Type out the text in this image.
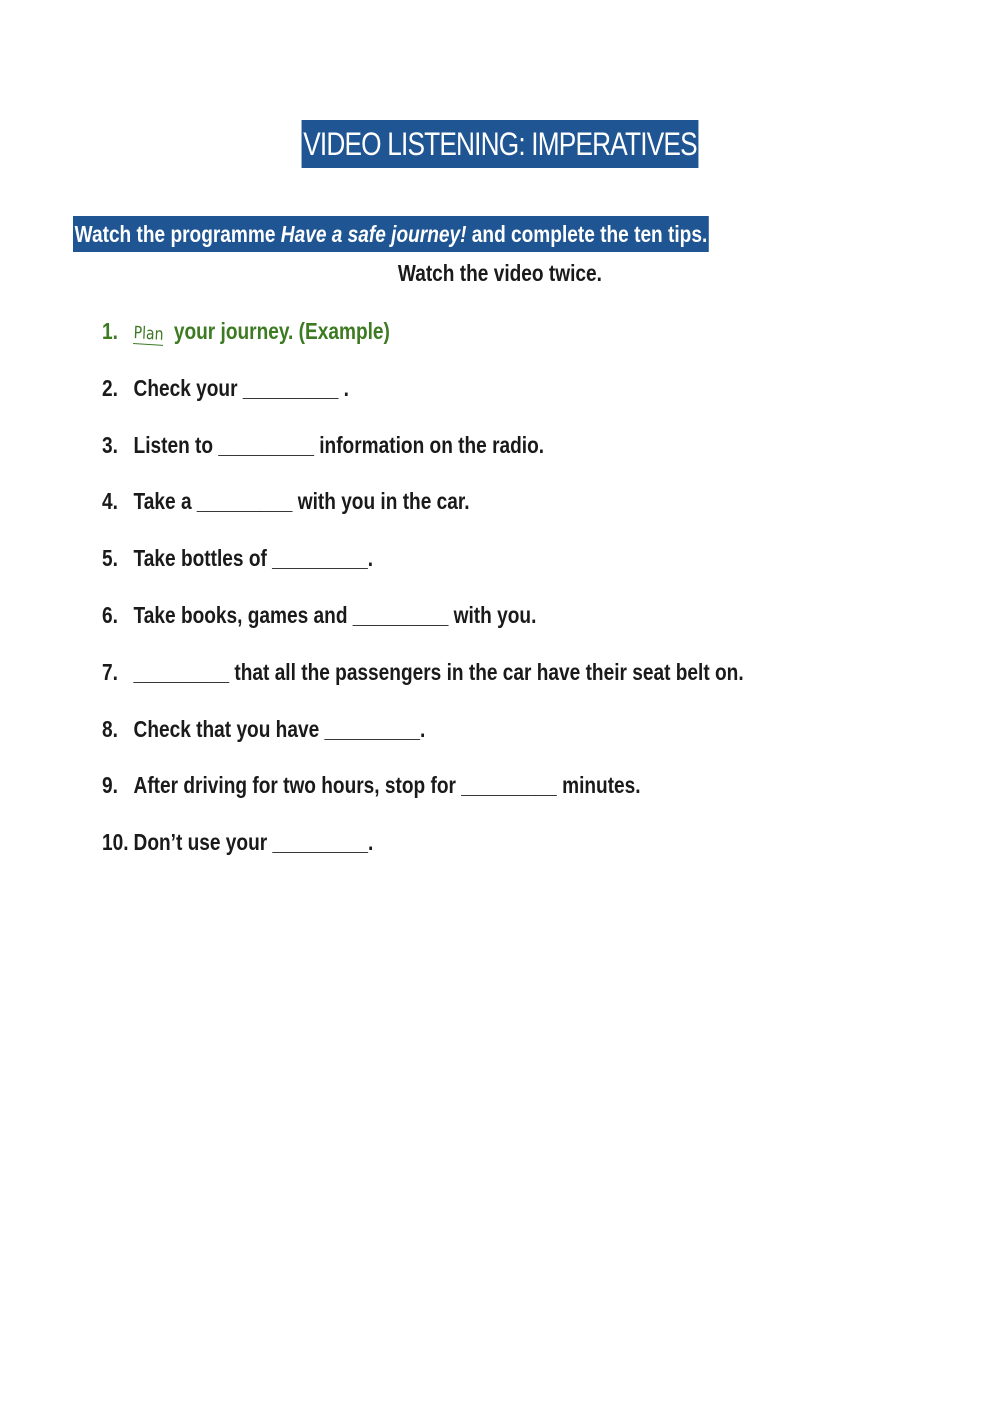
VIDEO LISTENING: IMPERATIVES
Watch the programme Have a safe journey! and complete the ten tips.
Watch the video twice.
1. Plan your journey. (Example)
2. Check your _________ .
3. Listen to _________ information on the radio.
4. Take a _________ with you in the car.
5. Take bottles of _________.
6. Take books, games and _________ with you.
7. _________ that all the passengers in the car have their seat belt on.
8. Check that you have _________.
9. After driving for two hours, stop for _________ minutes.
10. Don’t use your _________.
